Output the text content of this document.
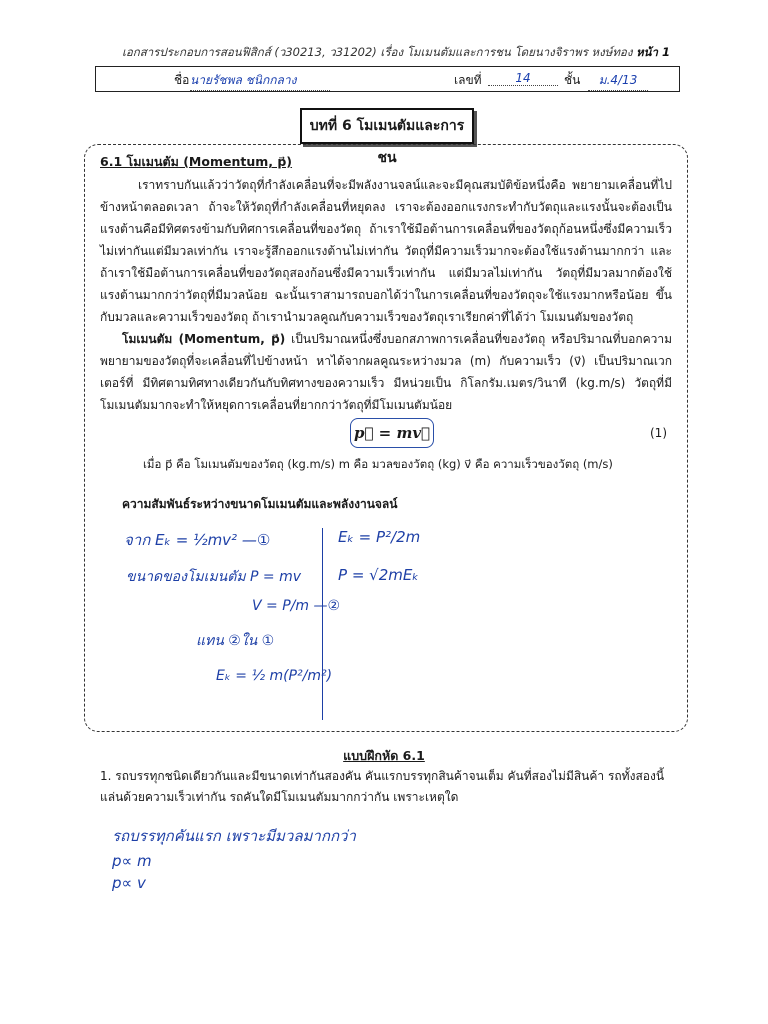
เอกสารประกอบการสอนฟิสิกส์ (ว30213, ว31202) เรื่อง โมเมนตัมและการชน โดยนางจิราพร หงษ์ทอง หน้า 1
ชื่อ นายรัชพล ชนิกกลาง	เลขที่	14	ชั้น	ม.4/13
บทที่ 6 โมเมนตัมและการชน
6.1 โมเมนตัม (Momentum, p⃗)
เราทราบกันแล้วว่าวัตถุที่กำลังเคลื่อนที่จะมีพลังงานจลน์และจะมีคุณสมบัติข้อหนึ่งคือ พยายามเคลื่อนที่ไปข้างหน้าตลอดเวลา ถ้าจะให้วัตถุที่กำลังเคลื่อนที่หยุดลง เราจะต้องออกแรงกระทำกับวัตถุและแรงนั้นจะต้องเป็นแรงต้านคือมีทิศตรงข้ามกับทิศการเคลื่อนที่ของวัตถุ ถ้าเราใช้มือต้านการเคลื่อนที่ของวัตถุก้อนหนึ่งซึ่งมีความเร็วไม่เท่ากันแต่มีมวลเท่ากัน เราจะรู้สึกออกแรงต้านไม่เท่ากัน วัตถุที่มีความเร็วมากจะต้องใช้แรงต้านมากกว่า และถ้าเราใช้มือต้านการเคลื่อนที่ของวัตถุสองก้อนซึ่งมีความเร็วเท่ากัน แต่มีมวลไม่เท่ากัน วัตถุที่มีมวลมากต้องใช้แรงต้านมากกว่าวัตถุที่มีมวลน้อย ฉะนั้นเราสามารถบอกได้ว่าในการเคลื่อนที่ของวัตถุจะใช้แรงมากหรือน้อย ขึ้นกับมวลและความเร็วของวัตถุ ถ้าเรานำมวลคูณกับความเร็วของวัตถุเราเรียกค่าที่ได้ว่า โมเมนตัมของวัตถุ
โมเมนตัม (Momentum, p⃗) เป็นปริมาณหนึ่งซึ่งบอกสภาพการเคลื่อนที่ของวัตถุ หรือปริมาณที่บอกความพยายามของวัตถุที่จะเคลื่อนที่ไปข้างหน้า หาได้จากผลคูณระหว่างมวล (m) กับความเร็ว (v⃗) เป็นปริมาณเวกเตอร์ที่ มีทิศตามทิศทางเดียวกันกับทิศทางของความเร็ว มีหน่วยเป็น กิโลกรัม.เมตร/วินาที (kg.m/s) วัตถุที่มีโมเมนตัมมากจะทำให้หยุดการเคลื่อนที่ยากกว่าวัตถุที่มีโมเมนตัมน้อย
p⃗ = mv⃗	(1)
เมื่อ p⃗ คือ โมเมนตัมของวัตถุ (kg.m/s) m คือ มวลของวัตถุ (kg) v⃗ คือ ความเร็วของวัตถุ (m/s)
ความสัมพันธ์ระหว่างขนาดโมเมนตัมและพลังงานจลน์
จาก Eₖ = ½mv² —①
ขนาดของโมเมนตัม P = mv
V = P/m —②
แทน ②ใน ①
Eₖ = ½ m(P²/m²)
Eₖ = P²/2m
P = √2mEₖ
แบบฝึกหัด 6.1
1. รถบรรทุกชนิดเดียวกันและมีขนาดเท่ากันสองคัน คันแรกบรรทุกสินค้าจนเต็ม คันที่สองไม่มีสินค้า รถทั้งสองนี้แล่นด้วยความเร็วเท่ากัน รถคันใดมีโมเมนตัมมากกว่ากัน เพราะเหตุใด
รถบรรทุกคันแรก เพราะมีมวลมากกว่า
p∝ m
p∝ v
